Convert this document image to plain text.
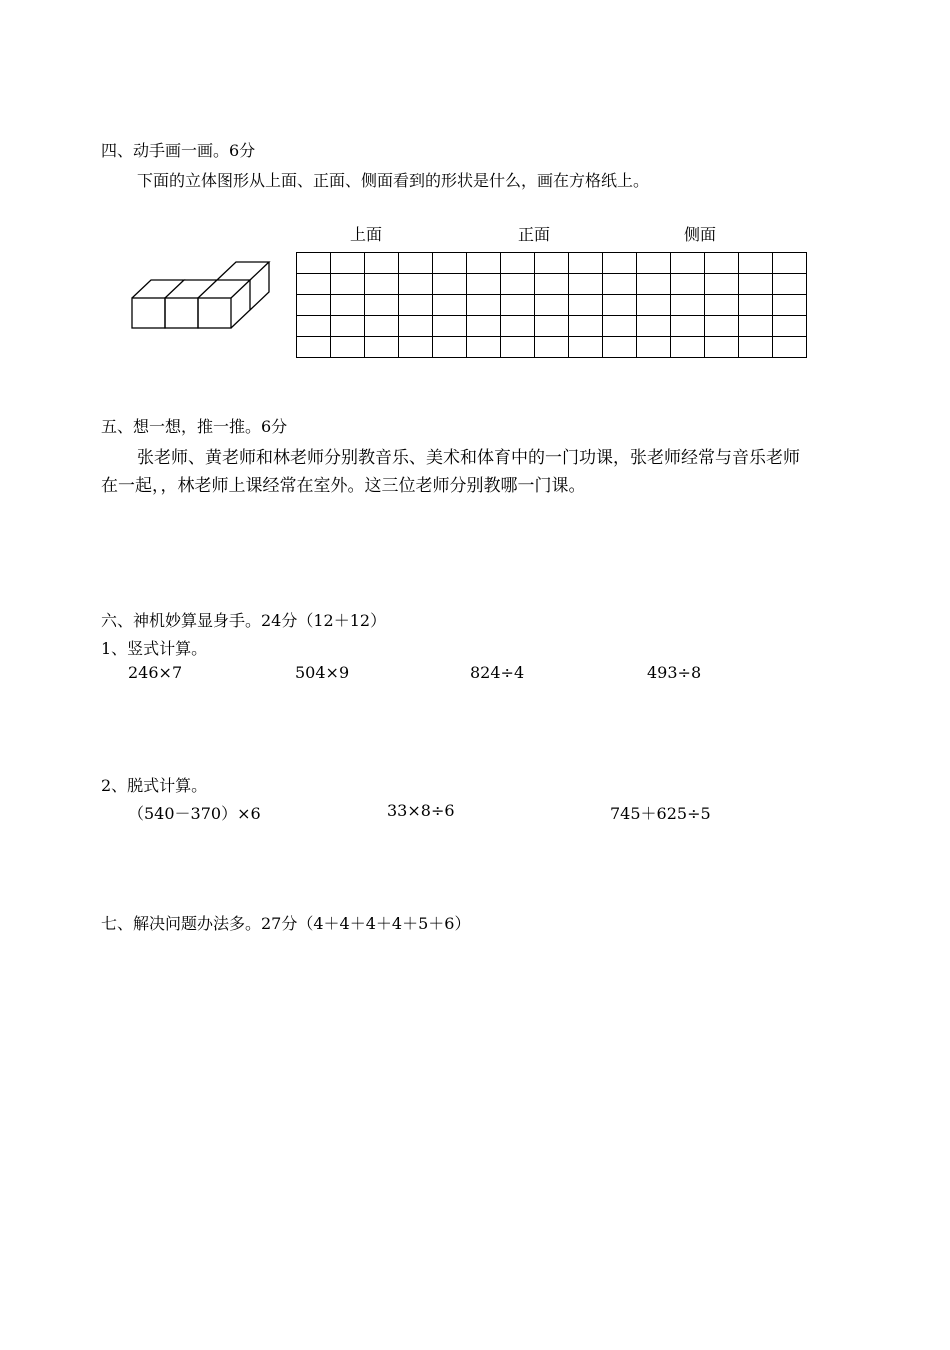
四、动手画一画。6分
下面的立体图形从上面、正面、侧面看到的形状是什么，画在方格纸上。
上面	正面	侧面

五、想一想，推一推。6分
张老师、黄老师和林老师分别教音乐、美术和体育中的一门功课，张老师经常与音乐老师
在一起，，林老师上课经常在室外。这三位老师分别教哪一门课。
六、神机妙算显身手。24分（12＋12）
1、竖式计算。
246×7	504×9	824÷4	493÷8
2、脱式计算。
（540－370）×6	33×8÷6	745＋625÷5
七、解决问题办法多。27分（4＋4＋4＋4＋5＋6）
